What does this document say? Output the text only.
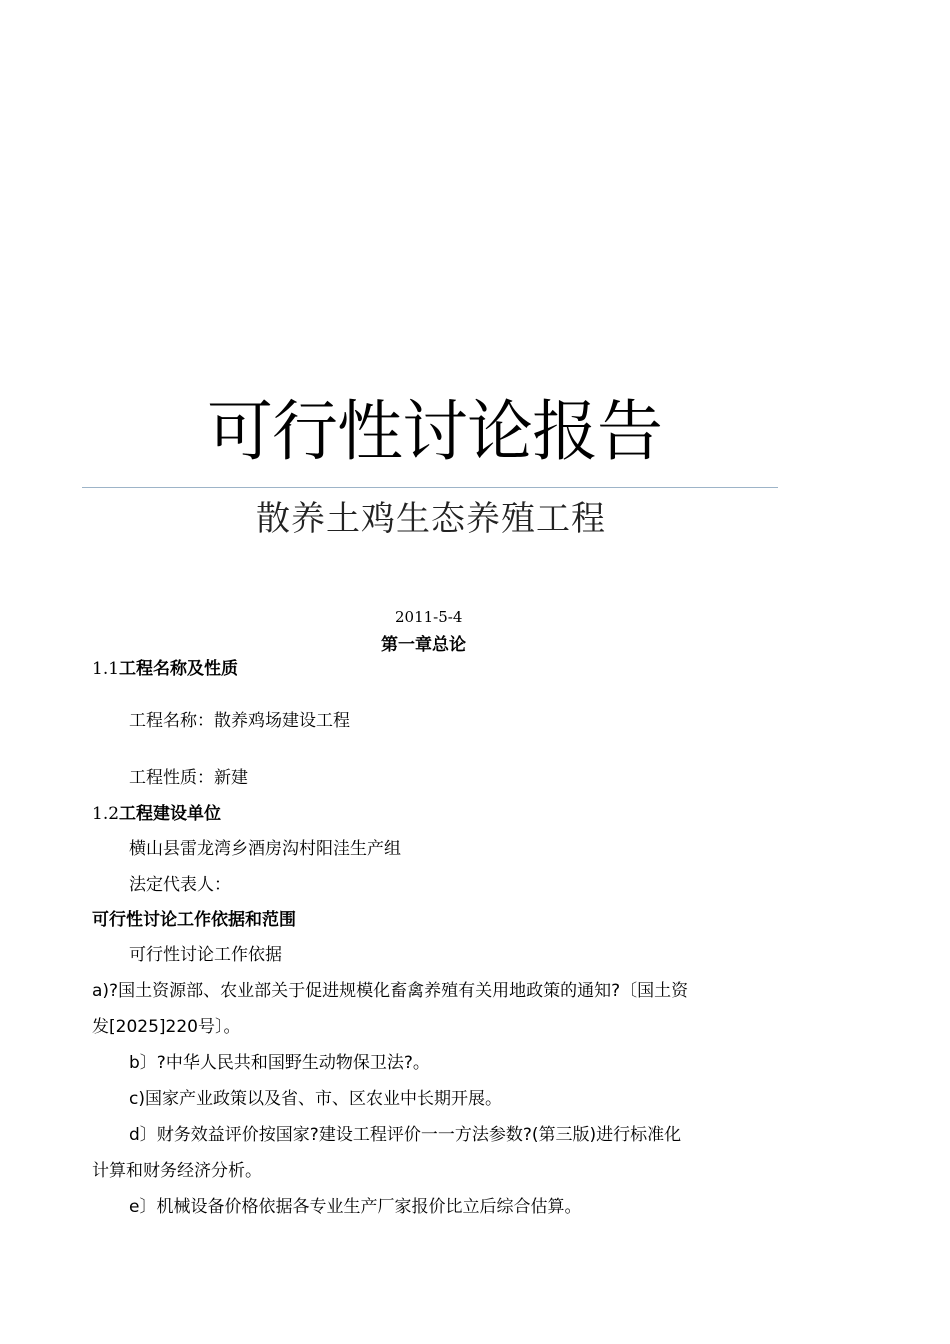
可行性讨论报告
散养土鸡生态养殖工程
2011-5-4
第一章总论
1.1工程名称及性质
工程名称：散养鸡场建设工程
工程性质：新建
1.2工程建设单位
横山县雷龙湾乡酒房沟村阳洼生产组
法定代表人：
可行性讨论工作依据和范围
可行性讨论工作依据
a)?国土资源部、农业部关于促进规模化畜禽养殖有关用地政策的通知?〔国土资
发[2025]220号〕。
b〕?中华人民共和国野生动物保卫法?。
c)国家产业政策以及省、市、区农业中长期开展。
d〕财务效益评价按国家?建设工程评价一一方法参数?(第三版)进行标准化
计算和财务经济分析。
e〕机械设备价格依据各专业生产厂家报价比立后综合估算。
